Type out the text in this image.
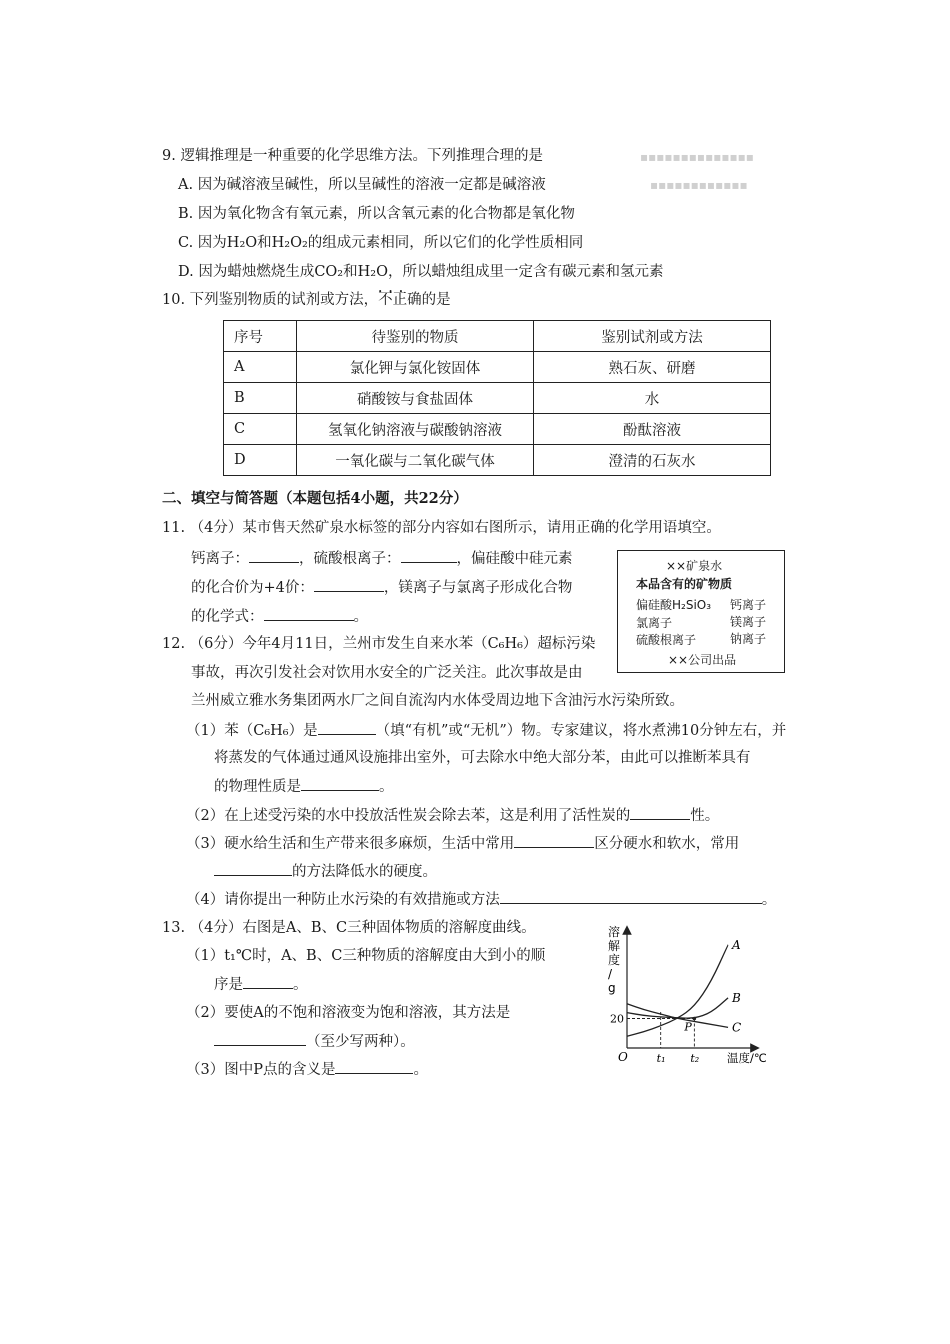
▪▪▪▪▪▪▪▪▪▪▪▪▪▪
▪▪▪▪▪▪▪▪▪▪▪▪
9. 逻辑推理是一种重要的化学思维方法。下列推理合理的是
A. 因为碱溶液呈碱性，所以呈碱性的溶液一定都是碱溶液
B. 因为氧化物含有氧元素，所以含氧元素的化合物都是氧化物
C. 因为H₂O和H₂O₂的组成元素相同，所以它们的化学性质相同
D. 因为蜡烛燃烧生成CO₂和H₂O，所以蜡烛组成里一定含有碳元素和氢元素
10. 下列鉴别物质的试剂或方法，不正确 • • •的是
序号	待鉴别的物质	鉴别试剂或方法
A	氯化钾与氯化铵固体	熟石灰、研磨
B	硝酸铵与食盐固体	水
C	氢氧化钠溶液与碳酸钠溶液	酚酞溶液
D	一氧化碳与二氧化碳气体	澄清的石灰水
二、填空与简答题（本题包括4小题，共22分）
11. （4分）某市售天然矿泉水标签的部分内容如右图所示，请用正确的化学用语填空。
钙离子：	，硫酸根离子：	，偏硅酸中硅元素
的化合价为+4价：	，镁离子与氯离子形成化合物
的化学式：	。
××矿泉水
本品含有的矿物质
偏硅酸H₂SiO₃ 钙离子
镁离子
氯离子
钠离子
硫酸根离子
××公司出品
12. （6分）今年4月11日，兰州市发生自来水苯（C₆H₆）超标污染
事故，再次引发社会对饮用水安全的广泛关注。此次事故是由
兰州威立雅水务集团两水厂之间自流沟内水体受周边地下含油污水污染所致。
（1）苯（C₆H₆）是	（填“有机”或“无机”）物。专家建议，将水煮沸10分钟左右，并
将蒸发的气体通过通风设施排出室外，可去除水中绝大部分苯，由此可以推断苯具有
的物理性质是	。
（2）在上述受污染的水中投放活性炭会除去苯，这是利用了活性炭的	性。
（3）硬水给生活和生产带来很多麻烦，生活中常用	区分硬水和软水，常用
的方法降低水的硬度。
（4）请你提出一种防止水污染的有效措施或方法	。
13. （4分）右图是A、B、C三种固体物质的溶解度曲线。
（1）t₁℃时，A、B、C三种物质的溶解度由大到小的顺
序是	。
（2）要使A的不饱和溶液变为饱和溶液，其方法是
（至少写两种）。
（3）图中P点的含义是	。
溶解度/ g
温度/℃
O
A
B
C
P
20
t₁ t₂
